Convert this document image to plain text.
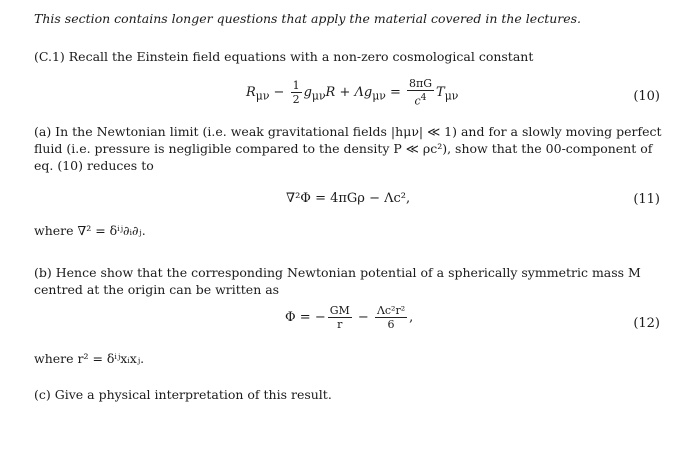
This section contains longer questions that apply the material covered in the lectures.
(C.1) Recall the Einstein field equations with a non-zero cosmological constant
$R_{\mu\nu} - \frac{1}{2} g_{\mu\nu}R + \Lambda g_{\mu\nu} = \frac{8\pi G}{c^4} T_{\mu\nu}$	(10)
(a) In the Newtonian limit (i.e. weak gravitational fields |hμν| ≪ 1) and for a slowly moving perfect fluid (i.e. pressure is negligible compared to the density P ≪ ρc²), show that the 00-component of eq. (10) reduces to
∇²Φ = 4πGρ − Λc²,	(11)
where ∇² = δⁱʲ∂ᵢ∂ⱼ.
(b) Hence show that the corresponding Newtonian potential of a spherically symmetric mass M centred at the origin can be written as
Φ = − $\frac{GM}{r} - \frac{\text{Λc²r²}}{6}$ ,	(12)
where r² = δⁱʲxᵢxⱼ.
(c) Give a physical interpretation of this result.
